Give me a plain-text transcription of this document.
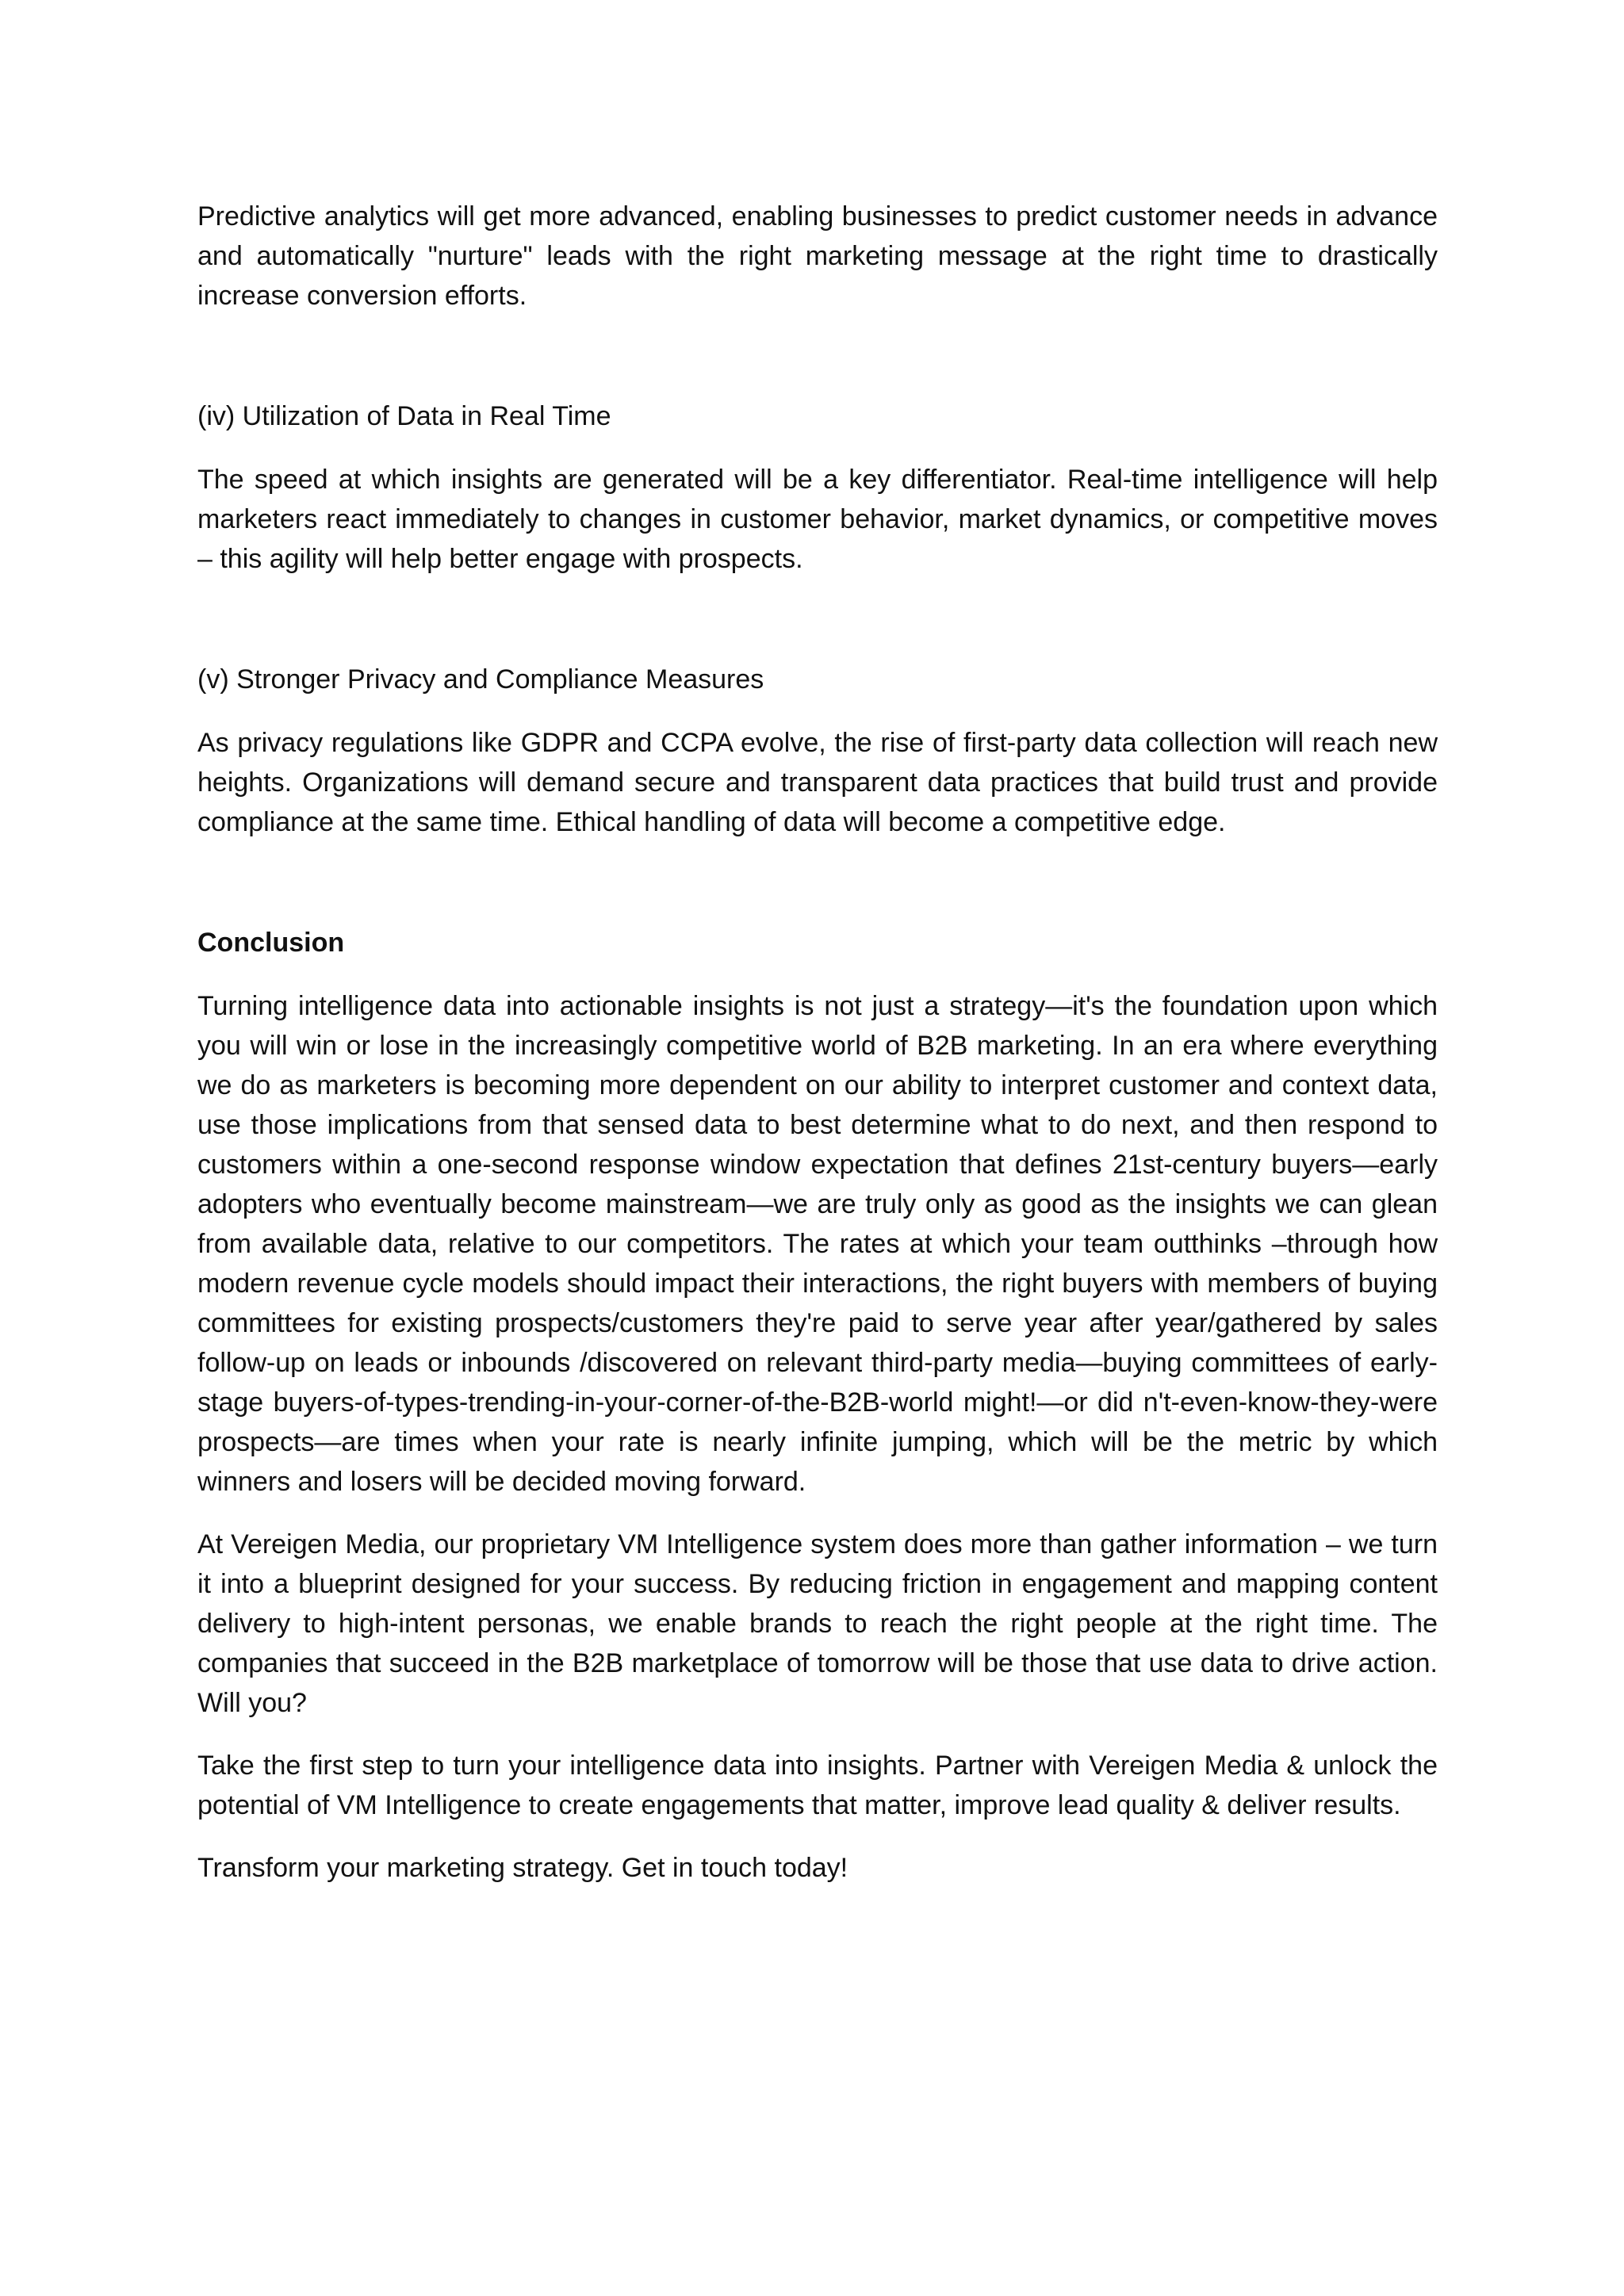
Predictive analytics will get more advanced, enabling businesses to predict customer needs in advance and automatically "nurture" leads with the right marketing message at the right time to drastically increase conversion efforts.

(iv) Utilization of Data in Real Time

The speed at which insights are generated will be a key differentiator. Real-time intelligence will help marketers react immediately to changes in customer behavior, market dynamics, or competitive moves – this agility will help better engage with prospects.

(v) Stronger Privacy and Compliance Measures

As privacy regulations like GDPR and CCPA evolve, the rise of first-party data collection will reach new heights. Organizations will demand secure and transparent data practices that build trust and provide compliance at the same time. Ethical handling of data will become a competitive edge.

Conclusion

Turning intelligence data into actionable insights is not just a strategy—it's the foundation upon which you will win or lose in the increasingly competitive world of B2B marketing. In an era where everything we do as marketers is becoming more dependent on our ability to interpret customer and context data, use those implications from that sensed data to best determine what to do next, and then respond to customers within a one-second response window expectation that defines 21st-century buyers—early adopters who eventually become mainstream—we are truly only as good as the insights we can glean from available data, relative to our competitors. The rates at which your team outthinks –through how modern revenue cycle models should impact their interactions, the right buyers with members of buying committees for existing prospects/customers they're paid to serve year after year/gathered by sales follow-up on leads or inbounds /discovered on relevant third-party media—buying committees of early-stage buyers-of-types-trending-in-your-corner-of-the-B2B-world might!—or did n't-even-know-they-were prospects—are times when your rate is nearly infinite jumping, which will be the metric by which winners and losers will be decided moving forward.

At Vereigen Media, our proprietary VM Intelligence system does more than gather information – we turn it into a blueprint designed for your success. By reducing friction in engagement and mapping content delivery to high-intent personas, we enable brands to reach the right people at the right time. The companies that succeed in the B2B marketplace of tomorrow will be those that use data to drive action. Will you?

Take the first step to turn your intelligence data into insights. Partner with Vereigen Media & unlock the potential of VM Intelligence to create engagements that matter, improve lead quality & deliver results.

Transform your marketing strategy. Get in touch today!
